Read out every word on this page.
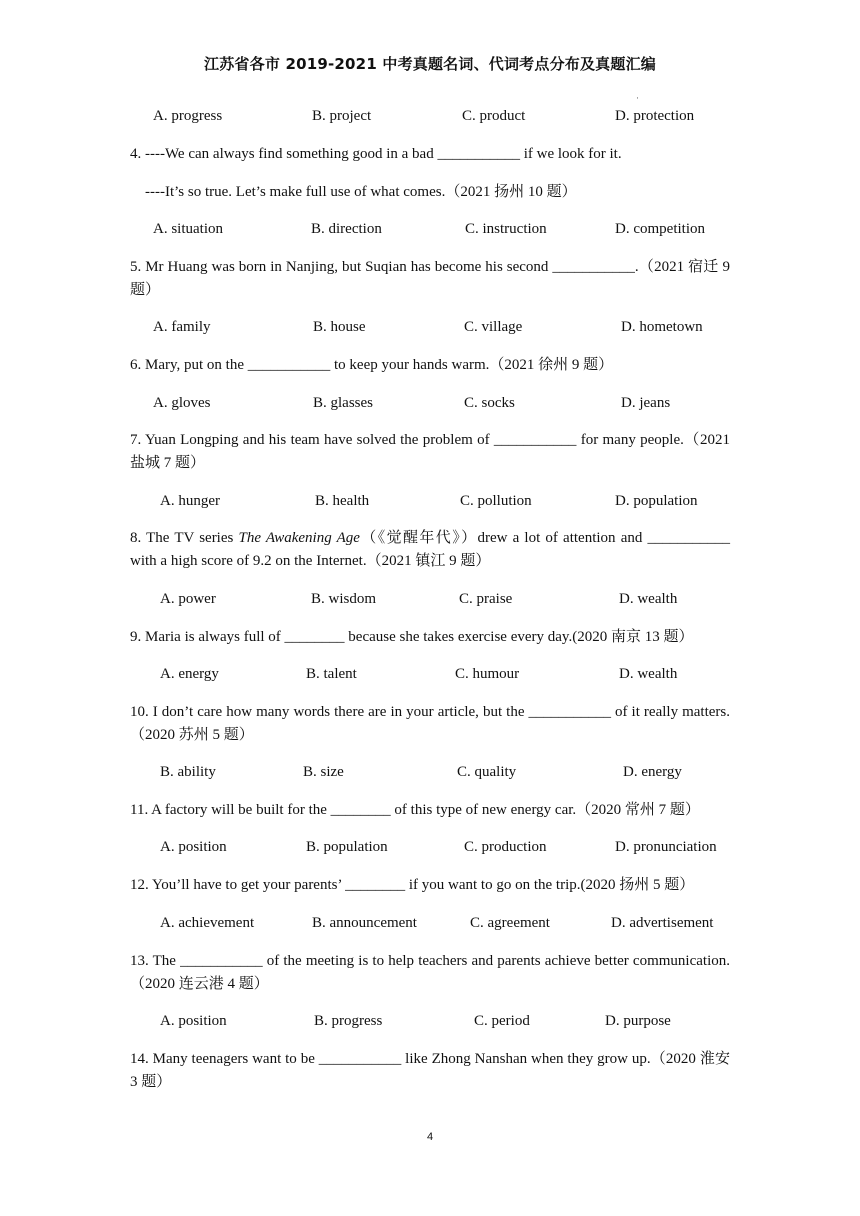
江苏省各市 2019-2021 中考真题名词、代词考点分布及真题汇编
·
A. progress	B. project	C. product	D. protection
4. ----We can always find something good in a bad ___________ if we look for it.
----It’s so true. Let’s make full use of what comes.（2021 扬州 10 题）
A. situation	B. direction	C. instruction	D. competition
5. Mr Huang was born in Nanjing, but Suqian has become his second ___________.（2021 宿迁 9 题）
A. family	B. house	C. village	D. hometown
6. Mary, put on the ___________ to keep your hands warm.（2021 徐州 9 题）
A. gloves	B. glasses	C. socks	D. jeans
7. Yuan Longping and his team have solved the problem of ___________ for many people.（2021 盐城 7 题）
A. hunger	B. health	C. pollution	D. population
8. The TV series The Awakening Age（《觉醒年代》）drew a lot of attention and ___________ with a high score of 9.2 on the Internet.（2021 镇江 9 题）
A. power	B. wisdom	C. praise	D. wealth
9. Maria is always full of ________ because she takes exercise every day.(2020 南京 13 题）
A. energy	B. talent	C. humour	D. wealth
10. I don’t care how many words there are in your article, but the ___________ of it really matters.（2020 苏州 5 题）
B. ability	B. size	C. quality	D. energy
11. A factory will be built for the ________ of this type of new energy car.（2020 常州 7 题）
A. position	B. population	C. production	D. pronunciation
12. You’ll have to get your parents’ ________ if you want to go on the trip.(2020 扬州 5 题）
A. achievement	B. announcement	C. agreement	D. advertisement
13. The ___________ of the meeting is to help teachers and parents achieve better communication.（2020 连云港 4 题）
A. position	B. progress	C. period	D. purpose
14. Many teenagers want to be ___________ like Zhong Nanshan when they grow up.（2020 淮安 3 题）
4
